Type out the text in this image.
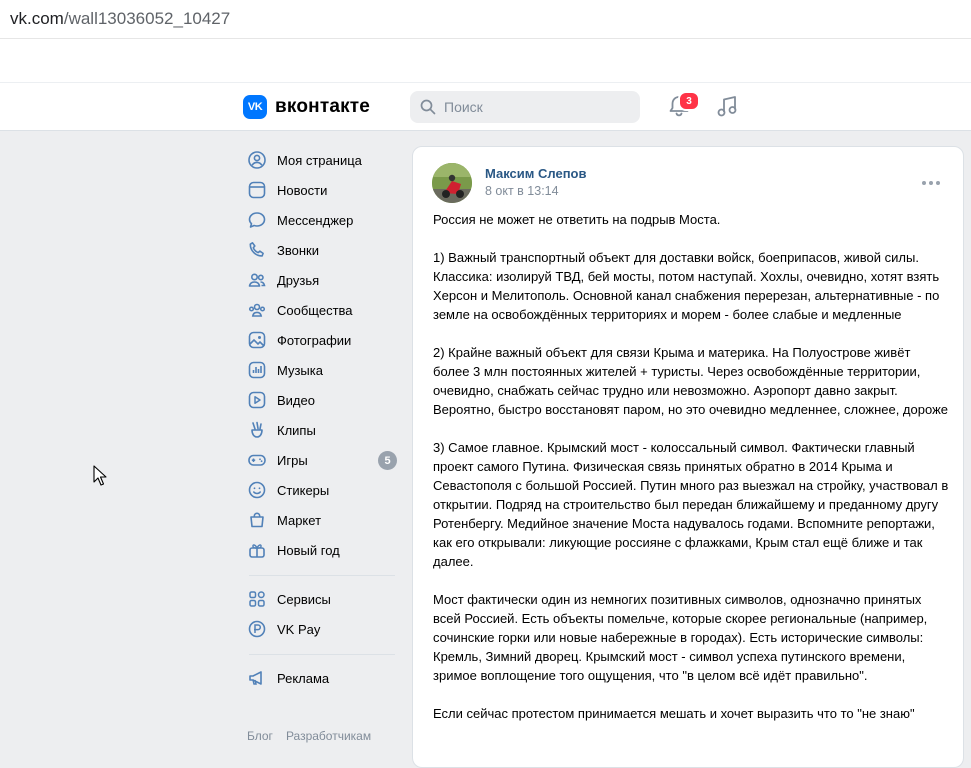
vk.com/wall13036052_10427
VK вконтакте
Поиск	3
Моя страница
Новости
Мессенджер
Звонки
Друзья
Сообщества
Фотографии
Музыка
Видео
Клипы
Игры	5
Стикеры
Маркет
Новый год
Сервисы
VK Pay
Реклама
Блог Разработчикам
Максим Слепов
8 окт в 13:14

Россия не может не ответить на подрыв Моста.

1) Важный транспортный объект для доставки войск, боеприпасов, живой силы. Классика: изолируй ТВД, бей мосты, потом наступай. Хохлы, очевидно, хотят взять Херсон и Мелитополь. Основной канал снабжения перерезан, альтернативные - по земле на освобождённых территориях и морем - более слабые и медленные

2) Крайне важный объект для связи Крыма и материка. На Полуострове живёт более 3 млн постоянных жителей + туристы. Через освобождённые территории, очевидно, снабжать сейчас трудно или невозможно. Аэропорт давно закрыт. Вероятно, быстро восстановят паром, но это очевидно медленнее, сложнее, дороже

3) Самое главное. Крымский мост - колоссальный символ. Фактически главный проект самого Путина. Физическая связь принятых обратно в 2014 Крыма и Севастополя с большой Россией. Путин много раз выезжал на стройку, участвовал в открытии. Подряд на строительство был передан ближайшему и преданному другу Ротенбергу. Медийное значение Моста надувалось годами. Вспомните репортажи, как его открывали: ликующие россияне с флажками, Крым стал ещё ближе и так далее.

Мост фактически один из немногих позитивных символов, однозначно принятых всей Россией. Есть объекты помельче, которые скорее региональные (например, сочинские горки или новые набережные в городах). Есть исторические символы: Кремль, Зимний дворец. Крымский мост - символ успеха путинского времени, зримое воплощение того ощущения, что "в целом всё идёт правильно".

Если сейчас протестом принимается мешать и хочет выразить что то "не знаю"
